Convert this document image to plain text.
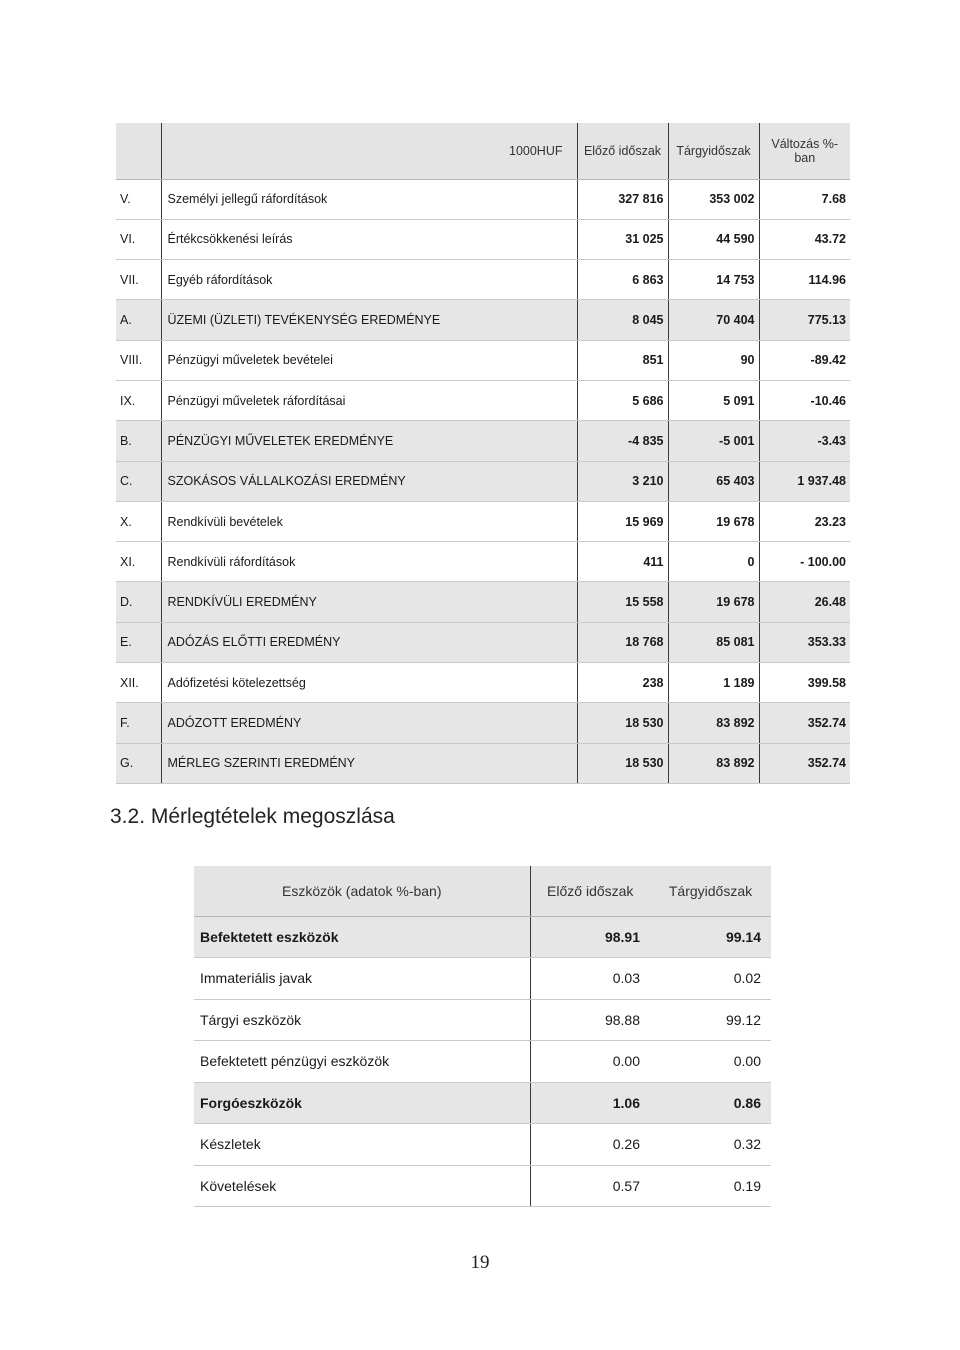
	1000HUF	Előző időszak	Tárgyidőszak	Változás %-ban
V.	Személyi jellegű ráfordítások	327 816	353 002	7.68
VI.	Értékcsökkenési leírás	31 025	44 590	43.72
VII.	Egyéb ráfordítások	6 863	14 753	114.96
A.	ÜZEMI (ÜZLETI) TEVÉKENYSÉG EREDMÉNYE	8 045	70 404	775.13
VIII.	Pénzügyi műveletek bevételei	851	90	-89.42
IX.	Pénzügyi műveletek ráfordításai	5 686	5 091	-10.46
B.	PÉNZÜGYI MŰVELETEK EREDMÉNYE	-4 835	-5 001	-3.43
C.	SZOKÁSOS VÁLLALKOZÁSI EREDMÉNY	3 210	65 403	1 937.48
X.	Rendkívüli bevételek	15 969	19 678	23.23
XI.	Rendkívüli ráfordítások	411	0	- 100.00
D.	RENDKÍVÜLI EREDMÉNY	15 558	19 678	26.48
E.	ADÓZÁS ELŐTTI EREDMÉNY	18 768	85 081	353.33
XII.	Adófizetési kötelezettség	238	1 189	399.58
F.	ADÓZOTT EREDMÉNY	18 530	83 892	352.74
G.	MÉRLEG SZERINTI EREDMÉNY	18 530	83 892	352.74
3.2. Mérlegtételek megoszlása
Eszközök (adatok %-ban)	Előző időszak	Tárgyidőszak
Befektetett eszközök	98.91	99.14
Immateriális javak	0.03	0.02
Tárgyi eszközök	98.88	99.12
Befektetett pénzügyi eszközök	0.00	0.00
Forgóeszközök	1.06	0.86
Készletek	0.26	0.32
Követelések	0.57	0.19
19
